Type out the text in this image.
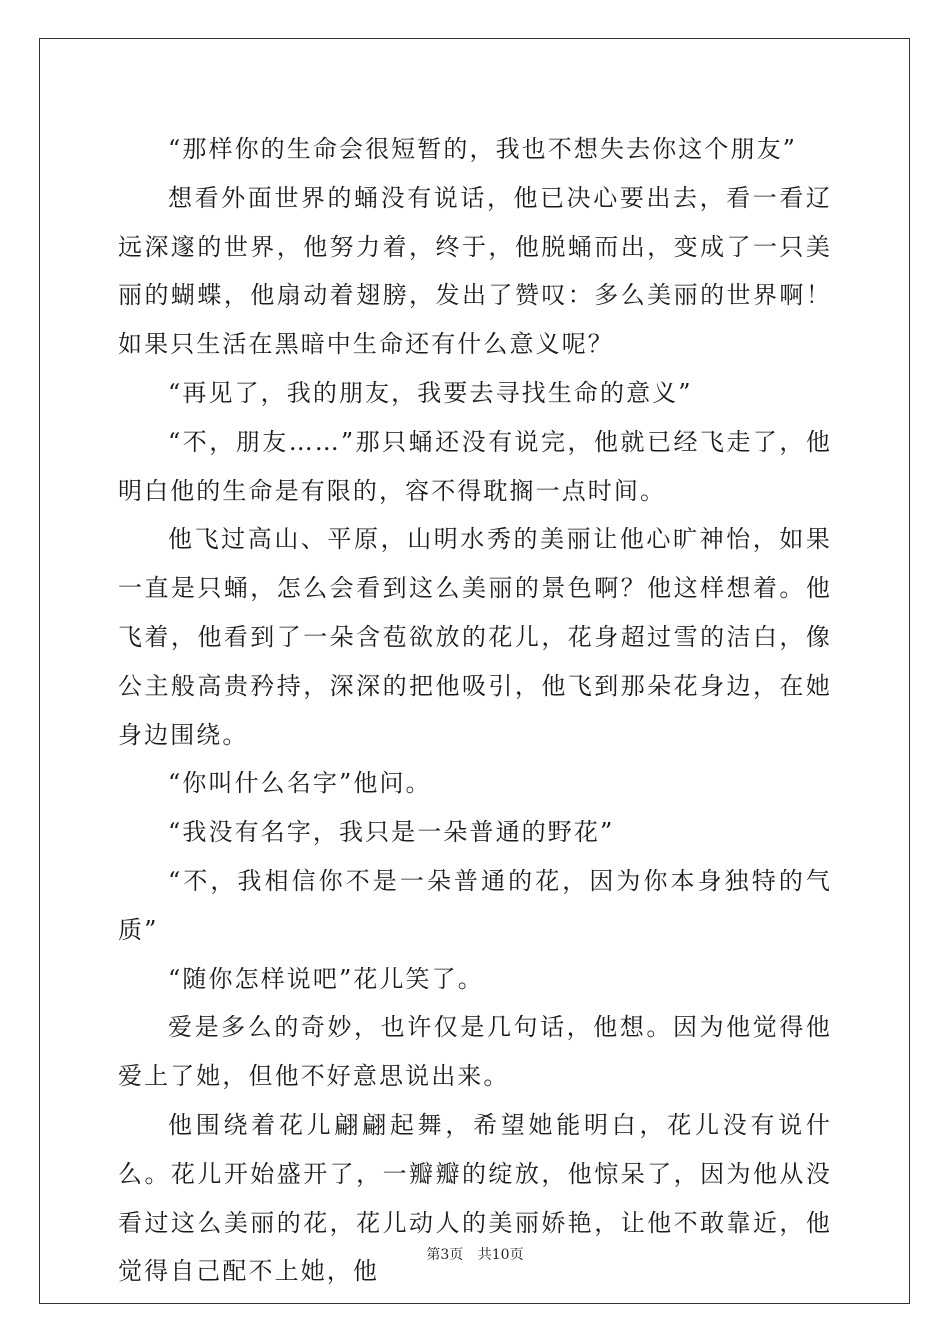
“那样你的生命会很短暂的，我也不想失去你这个朋友”

想看外面世界的蛹没有说话，他已决心要出去，看一看辽远深邃的世界，他努力着，终于，他脱蛹而出，变成了一只美丽的蝴蝶，他扇动着翅膀，发出了赞叹：多么美丽的世界啊！如果只生活在黑暗中生命还有什么意义呢？

“再见了，我的朋友，我要去寻找生命的意义”

“不，朋友……”那只蛹还没有说完，他就已经飞走了，他明白他的生命是有限的，容不得耽搁一点时间。

他飞过高山、平原，山明水秀的美丽让他心旷神怡，如果一直是只蛹，怎么会看到这么美丽的景色啊？他这样想着。他飞着，他看到了一朵含苞欲放的花儿，花身超过雪的洁白，像公主般高贵矜持，深深的把他吸引，他飞到那朵花身边，在她身边围绕。

“你叫什么名字”他问。

“我没有名字，我只是一朵普通的野花”

“不，我相信你不是一朵普通的花，因为你本身独特的气质”

“随你怎样说吧”花儿笑了。

爱是多么的奇妙，也许仅是几句话，他想。因为他觉得他爱上了她，但他不好意思说出来。

他围绕着花儿翩翩起舞，希望她能明白，花儿没有说什么。花儿开始盛开了，一瓣瓣的绽放，他惊呆了，因为他从没看过这么美丽的花，花儿动人的美丽娇艳，让他不敢靠近，他觉得自己配不上她，他

第3页 共10页
